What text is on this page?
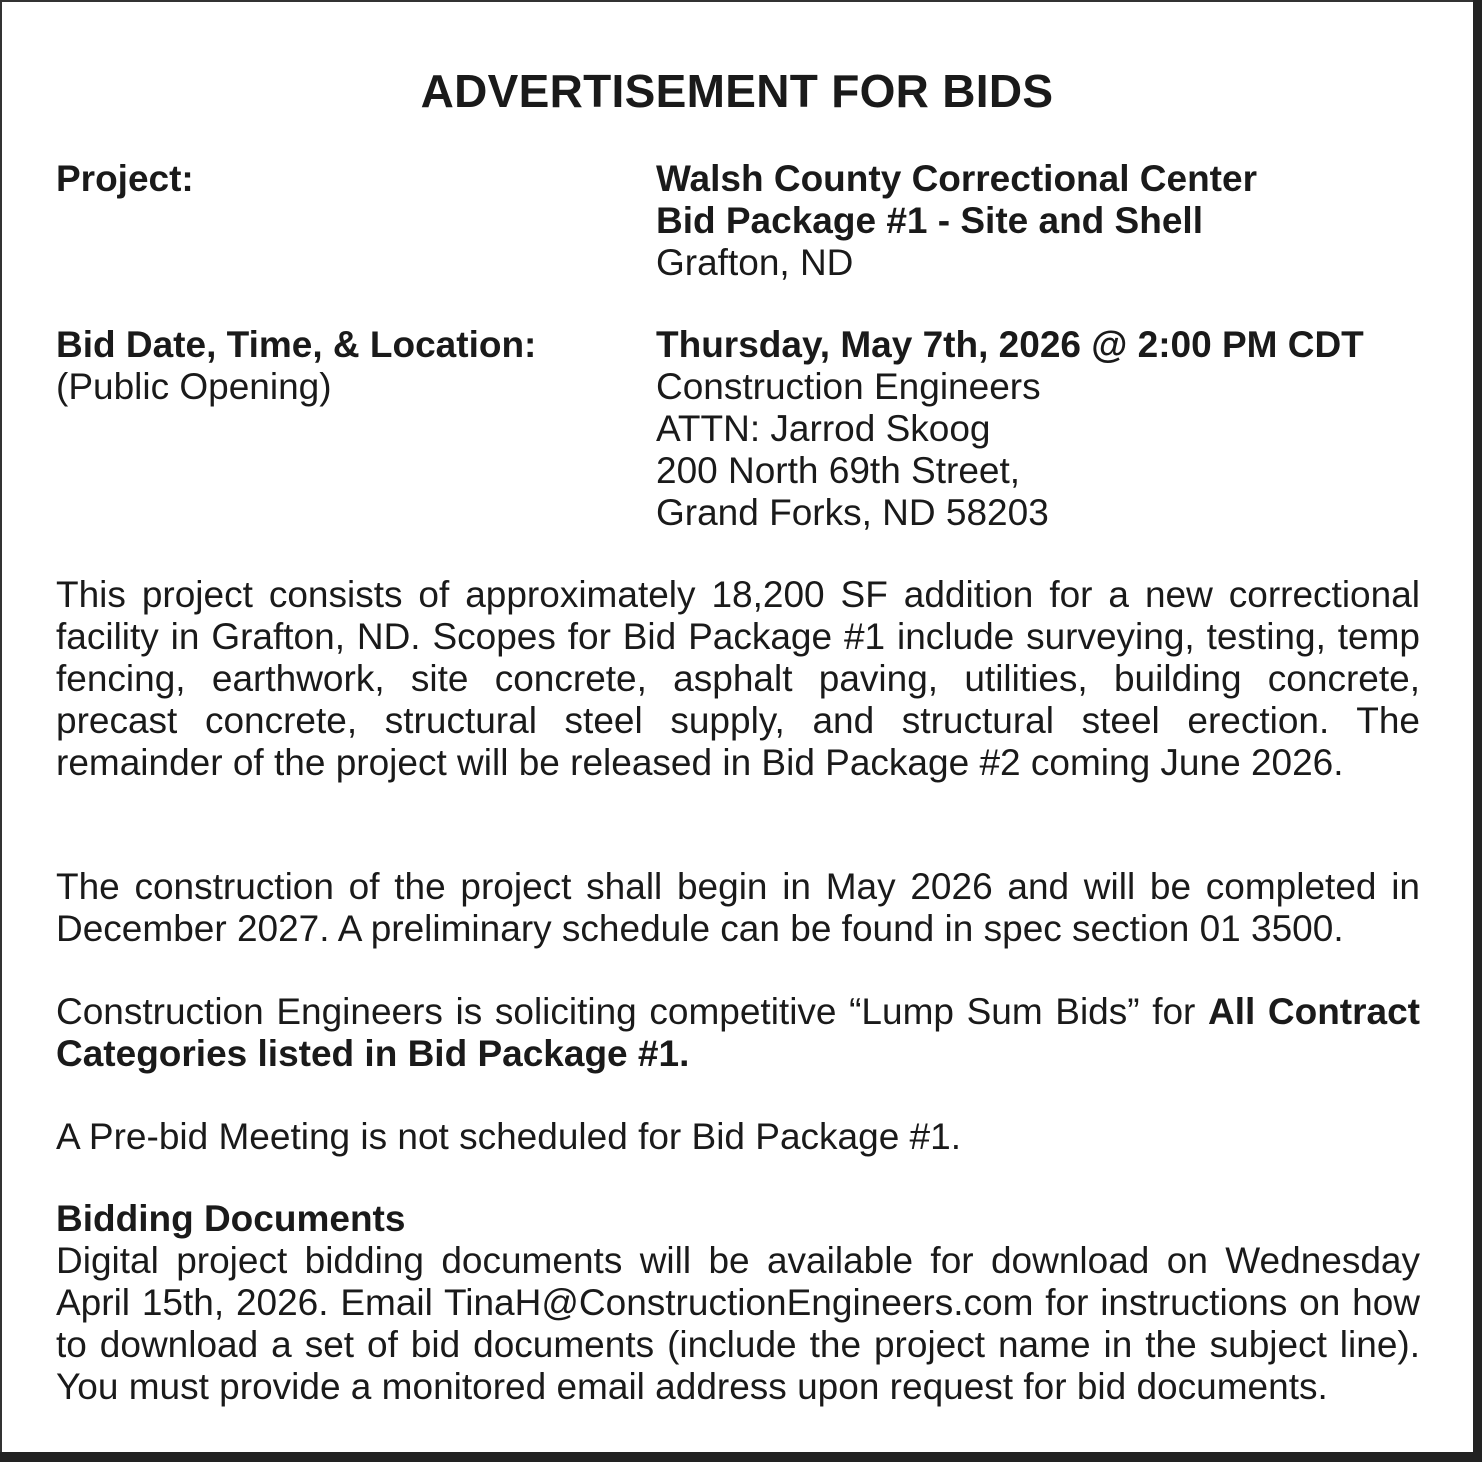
ADVERTISEMENT FOR BIDS
Project:	Walsh County Correctional Center
Bid Package #1 - Site and Shell
Grafton, ND
Bid Date, Time, & Location:
(Public Opening)
Thursday, May 7th, 2026 @ 2:00 PM CDT
Construction Engineers
ATTN: Jarrod Skoog
200 North 69th Street,
Grand Forks, ND 58203

This project consists of approximately 18,200 SF addition for a new correctional facility in Grafton, ND. Scopes for Bid Package #1 include surveying, testing, temp fencing, earthwork, site concrete, asphalt paving, utilities, building concrete, precast concrete, structural steel supply, and structural steel erection. The remainder of the project will be released in Bid Package #2 coming June 2026.

The construction of the project shall begin in May 2026 and will be completed in December 2027. A preliminary schedule can be found in spec section 01 3500.

Construction Engineers is soliciting competitive “Lump Sum Bids” for All Contract Categories listed in Bid Package #1.

A Pre-bid Meeting is not scheduled for Bid Package #1.

Bidding Documents

Digital project bidding documents will be available for download on Wednesday April 15th, 2026. Email TinaH@ConstructionEngineers.com for instructions on how to download a set of bid documents (include the project name in the subject line). You must provide a monitored email address upon request for bid documents.
